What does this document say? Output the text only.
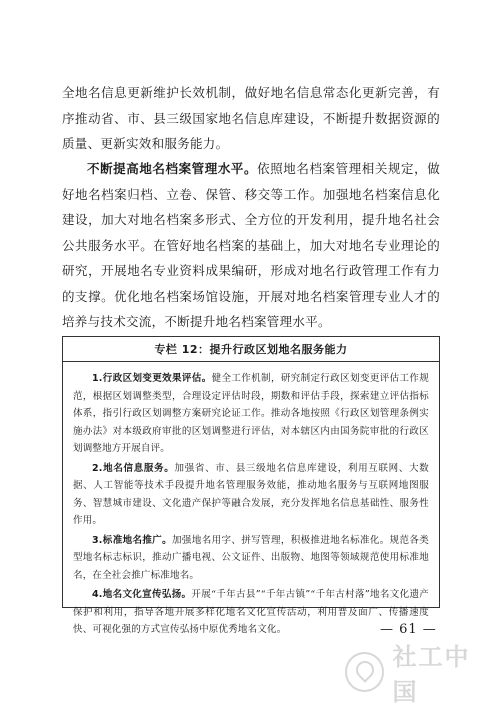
全地名信息更新维护长效机制，做好地名信息常态化更新完善，有序推动省、市、县三级国家地名信息库建设，不断提升数据资源的质量、更新实效和服务能力。

不断提高地名档案管理水平。依照地名档案管理相关规定，做好地名档案归档、立卷、保管、移交等工作。加强地名档案信息化建设，加大对地名档案多形式、全方位的开发利用，提升地名社会公共服务水平。在管好地名档案的基础上，加大对地名专业理论的研究，开展地名专业资料成果编研，形成对地名行政管理工作有力的支撑。优化地名档案场馆设施，开展对地名档案管理专业人才的培养与技术交流，不断提升地名档案管理水平。

专栏 12：提升行政区划地名服务能力

1.行政区划变更效果评估。健全工作机制，研究制定行政区划变更评估工作规范，根据区划调整类型，合理设定评估时段，期数和评估手段，探索建立评估指标体系，指引行政区划调整方案研究论证工作。推动各地按照《行政区划管理条例实施办法》对本级政府审批的区划调整进行评估，对本辖区内由国务院审批的行政区划调整地方开展自评。

2.地名信息服务。加强省、市、县三级地名信息库建设，利用互联网、大数据、人工智能等技术手段提升地名管理服务效能，推动地名服务与互联网地图服务、智慧城市建设、文化遗产保护等融合发展，充分发挥地名信息基础性、服务性作用。

3.标准地名推广。加强地名用字、拼写管理，积极推进地名标准化。规范各类型地名标志标识，推动广播电视、公文证件、出版物、地图等领域规范使用标准地名，在全社会推广标准地名。

4.地名文化宣传弘扬。开展“千年古县”“千年古镇”“千年古村落”地名文化遗产保护和利用，指导各地开展多样化地名文化宣传活动，利用普及面广、传播速度快、可视化强的方式宣传弘扬中原优秀地名文化。	— 61 —
社工中国
